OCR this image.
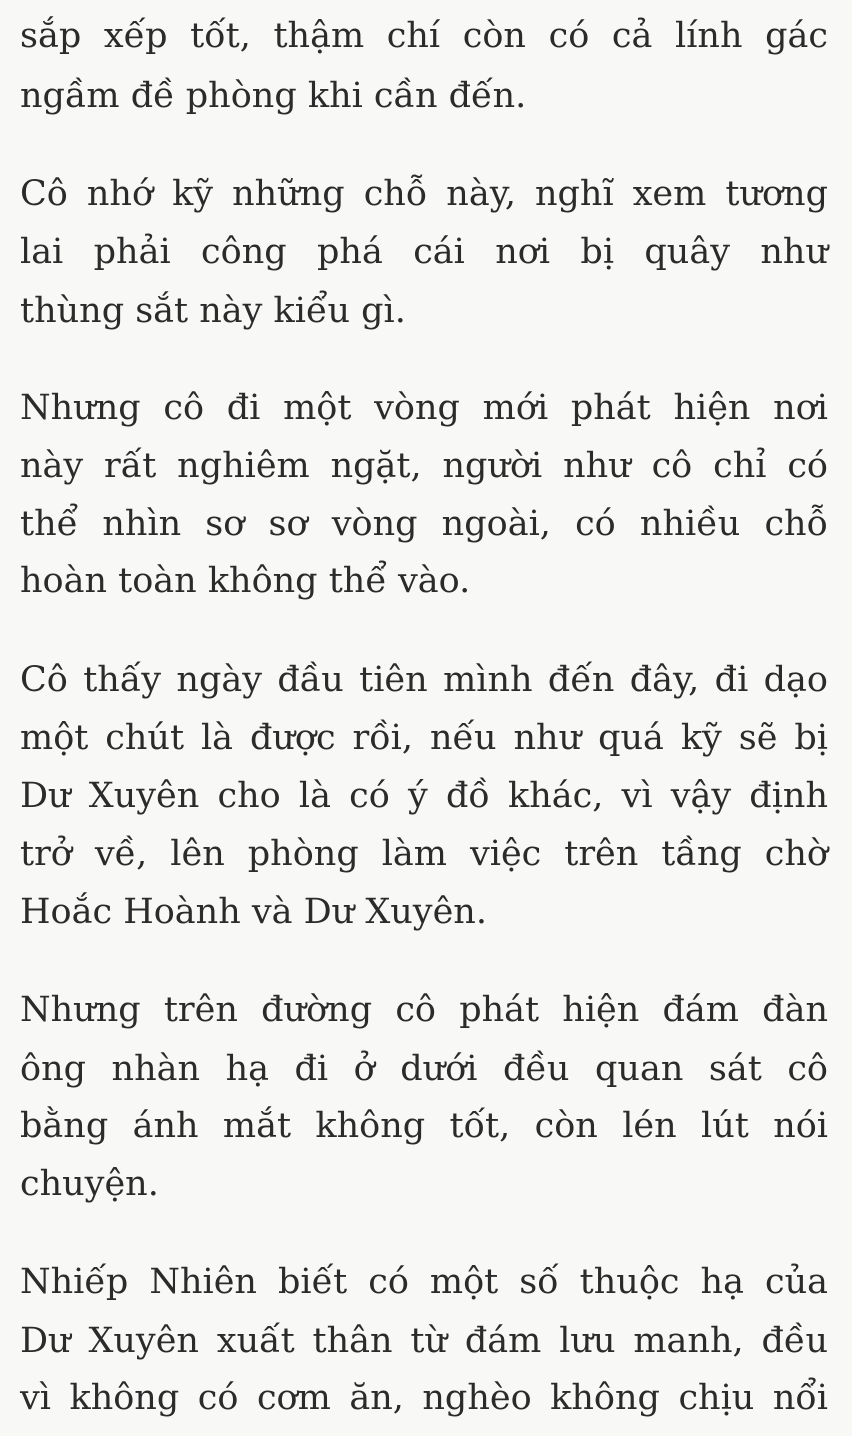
sắp xếp tốt, thậm chí còn có cả lính gác
ngầm đề phòng khi cần đến.
Cô nhớ kỹ những chỗ này, nghĩ xem tương
lai phải công phá cái nơi bị quây như
thùng sắt này kiểu gì.
Nhưng cô đi một vòng mới phát hiện nơi
này rất nghiêm ngặt, người như cô chỉ có
thể nhìn sơ sơ vòng ngoài, có nhiều chỗ
hoàn toàn không thể vào.
Cô thấy ngày đầu tiên mình đến đây, đi dạo
một chút là được rồi, nếu như quá kỹ sẽ bị
Dư Xuyên cho là có ý đồ khác, vì vậy định
trở về, lên phòng làm việc trên tầng chờ
Hoắc Hoành và Dư Xuyên.
Nhưng trên đường cô phát hiện đám đàn
ông nhàn hạ đi ở dưới đều quan sát cô
bằng ánh mắt không tốt, còn lén lút nói
chuyện.
Nhiếp Nhiên biết có một số thuộc hạ của
Dư Xuyên xuất thân từ đám lưu manh, đều
vì không có cơm ăn, nghèo không chịu nổi
